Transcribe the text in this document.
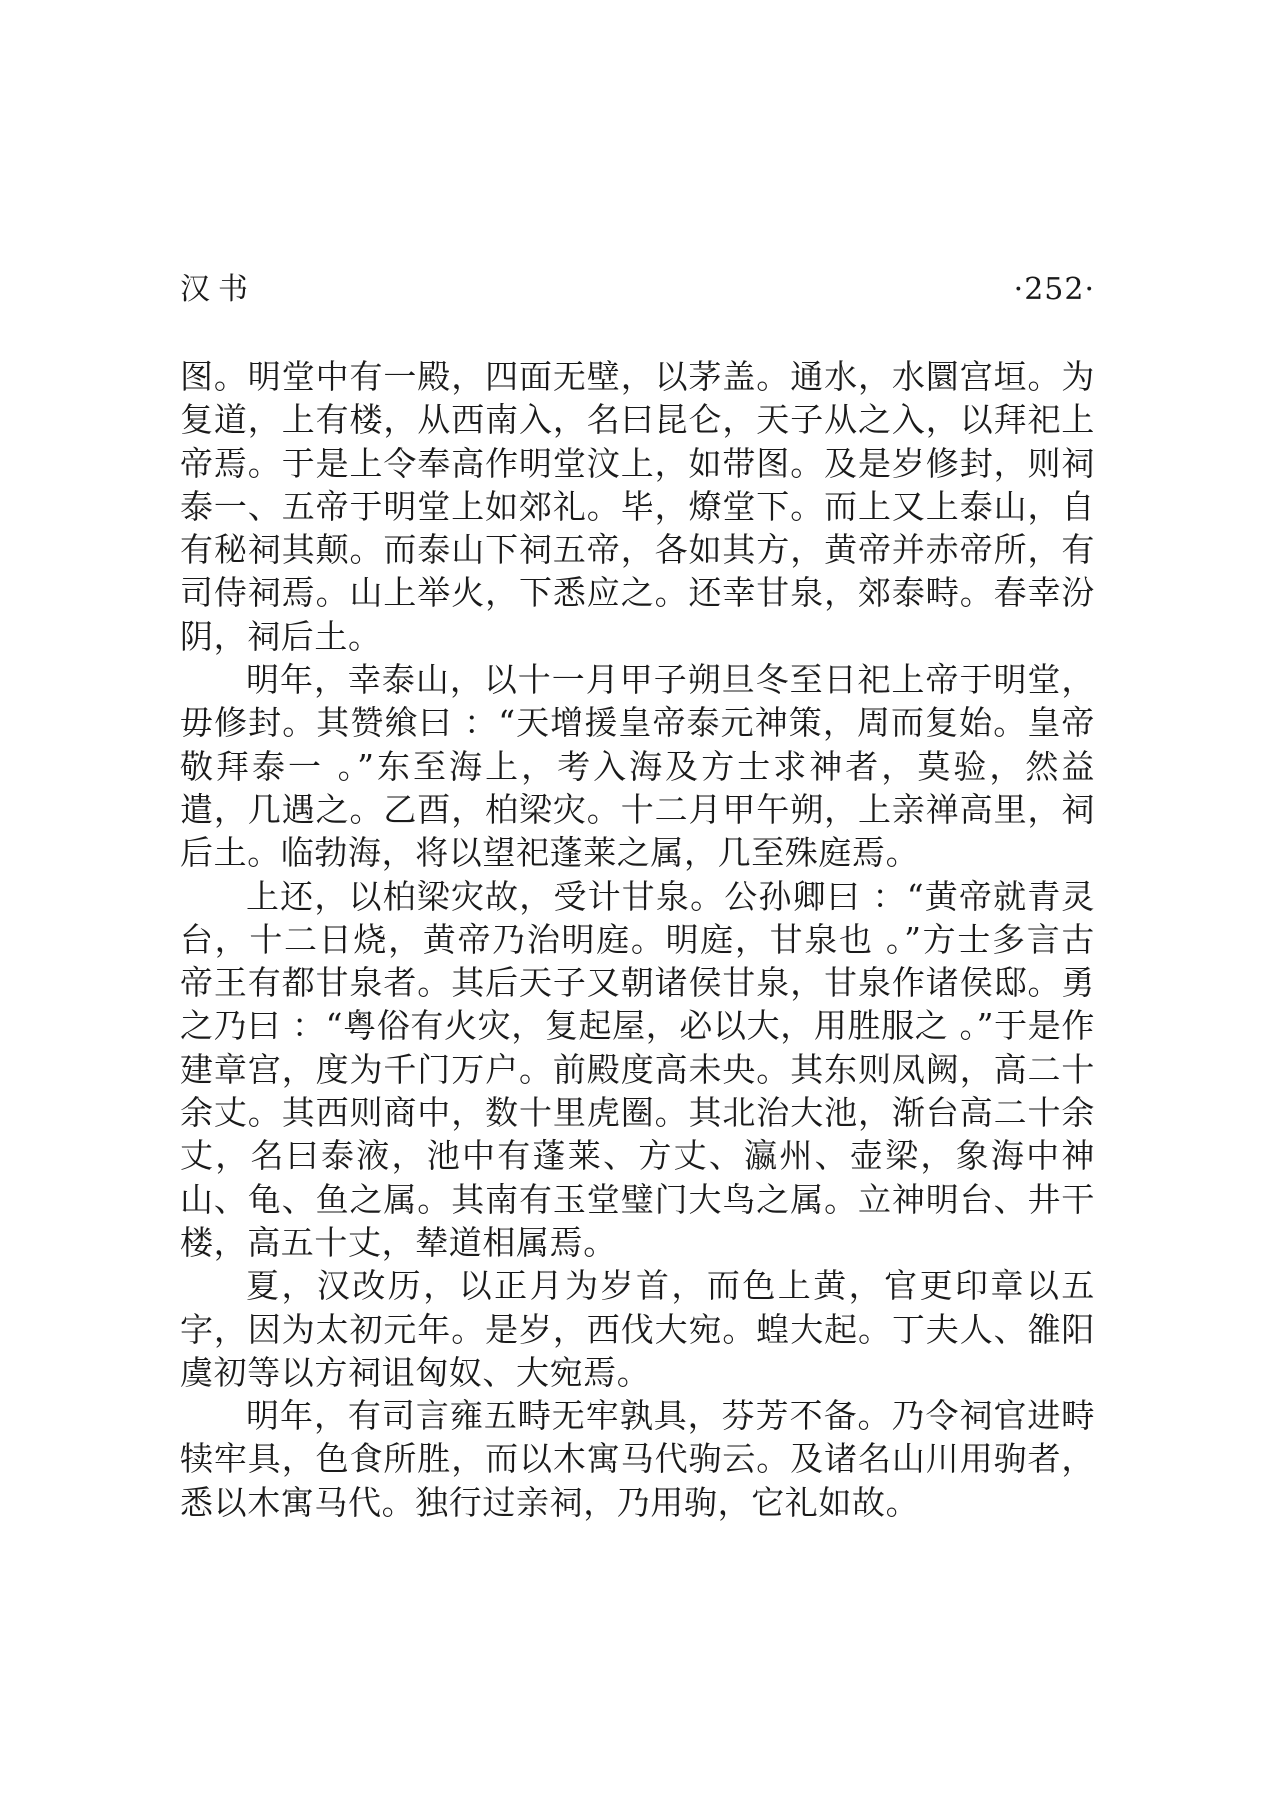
汉书	·252·

图。明堂中有一殿，四面无壁，以茅盖。通水，水圜宫垣。为复道，上有楼，从西南入，名曰昆仑，天子从之入，以拜祀上帝焉。于是上令奉高作明堂汶上，如带图。及是岁修封，则祠泰一、五帝于明堂上如郊礼。毕，燎堂下。而上又上泰山，自有秘祠其颠。而泰山下祠五帝，各如其方，黄帝并赤帝所，有司侍祠焉。山上举火，下悉应之。还幸甘泉，郊泰畤。春幸汾阴，祠后土。

明年，幸泰山，以十一月甲子朔旦冬至日祀上帝于明堂，毋修封。其赞飨曰 ：“天增援皇帝泰元神策，周而复始。皇帝敬拜泰一 。”东至海上，考入海及方士求神者，莫验，然益遣，几遇之。乙酉，柏梁灾。十二月甲午朔，上亲禅高里，祠后土。临勃海，将以望祀蓬莱之属，几至殊庭焉。

上还，以柏梁灾故，受计甘泉。公孙卿曰 ：“黄帝就青灵台，十二日烧，黄帝乃治明庭。明庭，甘泉也 。”方士多言古帝王有都甘泉者。其后天子又朝诸侯甘泉，甘泉作诸侯邸。勇之乃曰 ：“粤俗有火灾，复起屋，必以大，用胜服之 。”于是作建章宫，度为千门万户。前殿度高未央。其东则凤阙，高二十余丈。其西则商中，数十里虎圈。其北治大池，渐台高二十余丈，名曰泰液，池中有蓬莱、方丈、瀛州、壶梁，象海中神山、龟、鱼之属。其南有玉堂璧门大鸟之属。立神明台、井干楼，高五十丈，辇道相属焉。

夏，汉改历，以正月为岁首，而色上黄，官更印章以五字，因为太初元年。是岁，西伐大宛。蝗大起。丁夫人、雒阳虞初等以方祠诅匈奴、大宛焉。

明年，有司言雍五畤无牢孰具，芬芳不备。乃令祠官进畤犊牢具，色食所胜，而以木寓马代驹云。及诸名山川用驹者，悉以木寓马代。独行过亲祠，乃用驹，它礼如故。
